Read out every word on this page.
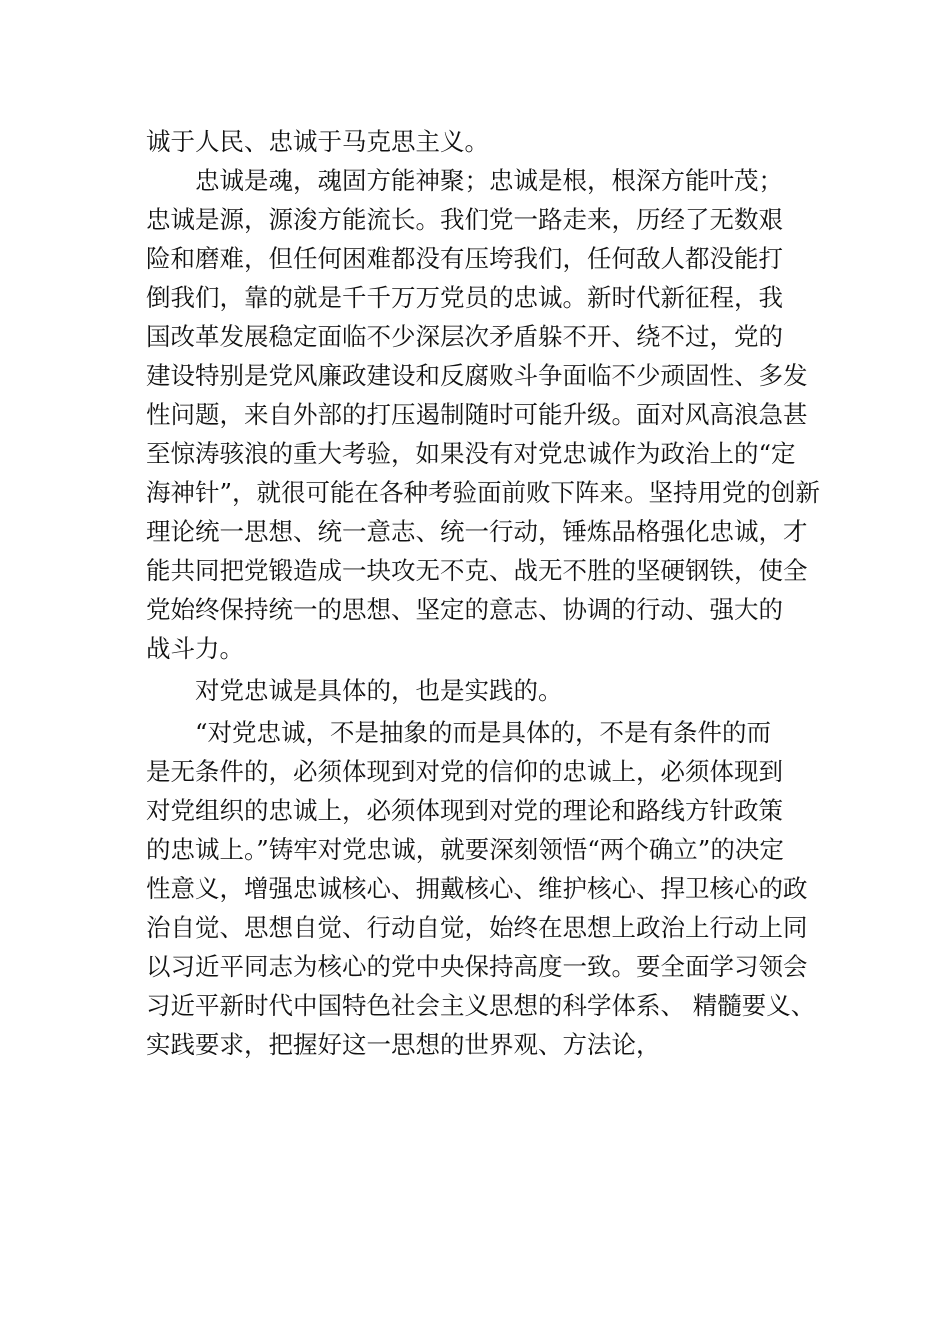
诚于人民、忠诚于马克思主义。
　　忠诚是魂，魂固方能神聚；忠诚是根，根深方能叶茂；
忠诚是源，源浚方能流长。我们党一路走来，历经了无数艰
险和磨难，但任何困难都没有压垮我们，任何敌人都没能打
倒我们，靠的就是千千万万党员的忠诚。新时代新征程，我
国改革发展稳定面临不少深层次矛盾躲不开、绕不过，党的
建设特别是党风廉政建设和反腐败斗争面临不少顽固性、多发
性问题，来自外部的打压遏制随时可能升级。面对风高浪急甚
至惊涛骇浪的重大考验，如果没有对党忠诚作为政治上的“定
海神针”，就很可能在各种考验面前败下阵来。坚持用党的创新
理论统一思想、统一意志、统一行动，锤炼品格强化忠诚，才
能共同把党锻造成一块攻无不克、战无不胜的坚硬钢铁，使全
党始终保持统一的思想、坚定的意志、协调的行动、强大的
战斗力。
　　对党忠诚是具体的，也是实践的。
　　“对党忠诚，不是抽象的而是具体的，不是有条件的而
是无条件的，必须体现到对党的信仰的忠诚上，必须体现到
对党组织的忠诚上，必须体现到对党的理论和路线方针政策
的忠诚上。”铸牢对党忠诚，就要深刻领悟“两个确立”的决定
性意义，增强忠诚核心、拥戴核心、维护核心、捍卫核心的政
治自觉、思想自觉、行动自觉，始终在思想上政治上行动上同
以习近平同志为核心的党中央保持高度一致。要全面学习领会
习近平新时代中国特色社会主义思想的科学体系、 精髓要义、
实践要求，把握好这一思想的世界观、方法论，
